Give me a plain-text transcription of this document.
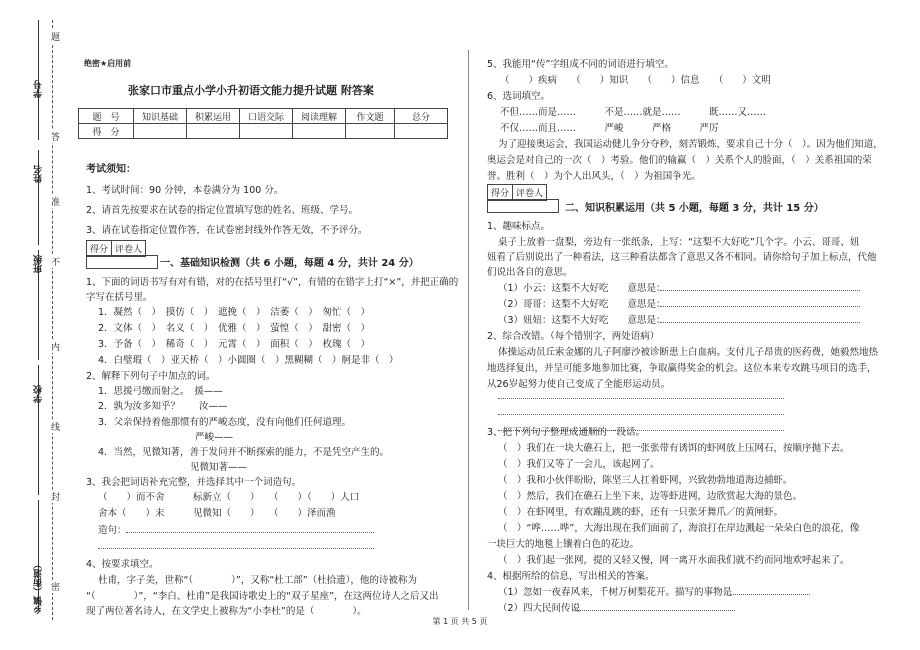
学号
姓名
班级
学校
乡镇（街道）
题
答
准
不
内
线
封
密
绝密★启用前
张家口市重点小学小升初语文能力提升试题 附答案
题　号	知识基础	积累运用	口语交际	阅读理解	作文题	总分
得　分						
考试须知：
1、考试时间：90 分钟，本卷满分为 100 分。
2、请首先按要求在试卷的指定位置填写您的姓名、班级、学号。
3、请在试卷指定位置作答，在试卷密封线外作答无效，不予评分。
得分 评卷人
一、基础知识检测（共 6 小题，每题 4 分，共计 24 分）
1、下面的词语书写有对有错，对的在括号里打“√”，有错的在错字上打“×”，并把正确的
字写在括号里。
1．凝然（　）　摸仿（　）　遮挽（　）　洁萎（　）　匆忙（　）
2．文体（　）　名义（　）　优雅（　）　萤惶（　）　甜密（　）
3．予备（　）　稀奇（　）　元霄（　）　面积（　）　枚瑰（　）
4．白璧瑕（　）亚天桥（　）小圆圈（　）黑糊糊（　）舸是非（　）
2、解释下列句子中加点的词。
1．思援弓缴而射之。　援——
2．孰为汝多知乎？　　汝——
3．父亲保持着他那惯有的严峻态度，没有向他们任何道理。
严峻——
4．当然，见微知著，善于发问并不断探索的能力，不是凭空产生的。
见微知著——
3、我会把词语补充完整，并选择其中一个词造句。
（　　）而不舍　　　标新立（　　）　　（　　）（　　）人口
舍本（　　）末　　　见微知（　　）　　（　　）泽而渔
造句：
4、按要求填空。
杜甫，字子美，世称“（　　　　）”，又称“杜工部”（杜拾遗），他的诗被称为
“（　　　　）”，“李白、杜甫”是我国诗歌史上的“双子星座”，在这两位诗人之后又出
现了两位著名诗人，在文学史上被称为“小李杜”的是（　　　　）。
5、我能用“传”字组成不同的词语进行填空。
（　　）疾病　　（　　）知识　　（　　）信息　　（　　）文明
6、选词填空。
不但……而是……　　　不是……就是……　　　既……又……
不仅……而且……　　　严峻　　　严格　　　严厉
为了迎接奥运会，我国运动健儿争分夺秒，刻苦锻炼，要求自己十分（　）。因为他们知道，
奥运会是对自己的一次（　）考验。他们的输赢（　）关系个人的脸面，（　）关系祖国的荣
誉。胜利（　）为个人出风头，（　）为祖国争光。
得分 评卷人
二、知识积累运用（共 5 小题，每题 3 分，共计 15 分）
1、趣味标点。
桌子上放着一盘梨，旁边有一张纸条，上写：“这梨不大好吃”几个字。小云、哥哥、妞
妞看了后别说出了一种看法，这三种看法都含了意思又各不相同。请你给句子加上标点，代他
们说出各自的意思。
（1）小云：这梨不大好吃　　意思是：
（2）哥哥：这梨不大好吃　　意思是：
（3）妞妞：这梨不大好吃　　意思是：
2、综合改错。（每个错别字，两处语病）
体操运动员丘索金娜的儿子阿廖沙被诊断患上白血病。支付儿子昂贵的医药费，她毅然地热
地选择复出，并呈可能多地参加比赛，争取赢得奖金的机会。这位本来专攻跳马项目的选手，
从26岁起努力使自己变成了全能形运动员。
3、把下列句子整理成通顺的一段话。
（　）我们在一块大礁石上，把一张张带有诱饵的虾网放上压网石，按顺序抛下去。
（　）我们又等了一会儿，该起网了。
（　）我和小伙伴盼盼，陈坚三人扛着虾网，兴致勃勃地道海边捕虾。
（　）然后，我们在礁石上坐下来，边等虾进网，边欣赏起大海的景色。
（　）在虾网里，有欢蹦乱跳的虾，还有一只张牙舞爪／的黄闸虾。
（　）“哗……哗”，大海出现在我们面前了，海浪打在岸边溅起一朵朵白色的浪花，像
一块巨大的地毯上镶着白色的花边。
（　）我们起一张网，提的又轻又慢，网一离开水面我们就不约而同地欢呼起来了。
4、根据所给的信息，写出相关的答案。
（1）忽如一夜春风来，千树万树梨花开。描写的事物是
（2）四大民间传说
第 1 页 共 5 页
